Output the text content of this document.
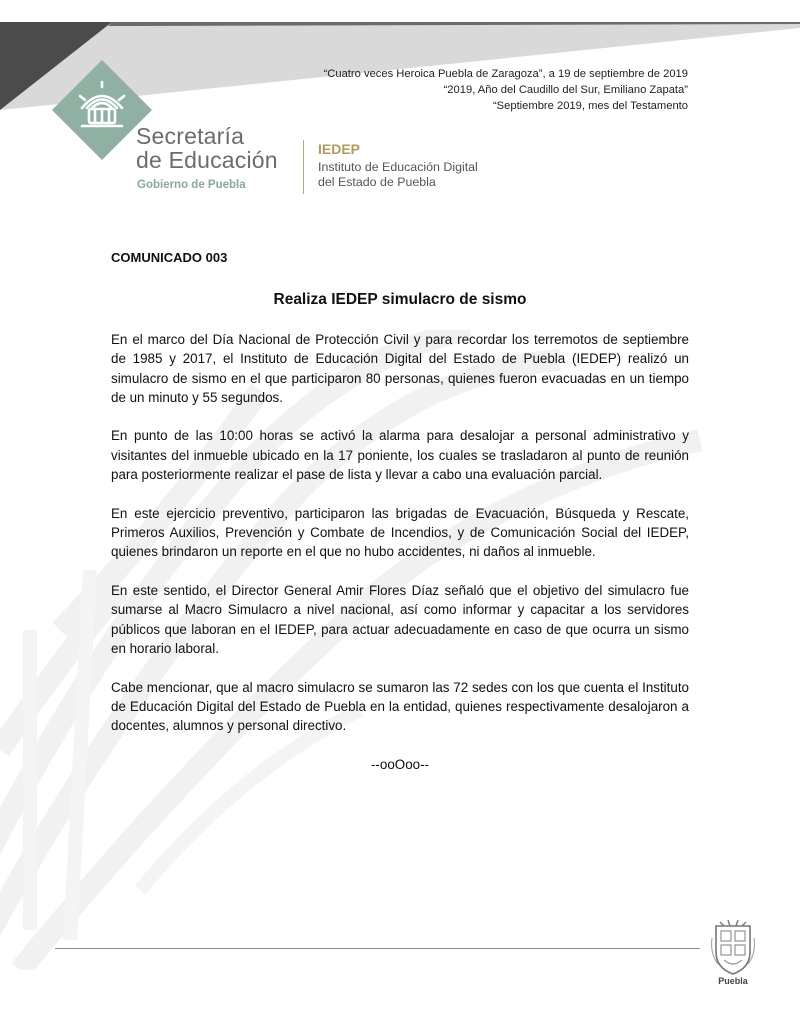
“Cuatro veces Heroica Puebla de Zaragoza”, a 19 de septiembre de 2019
“2019, Año del Caudillo del Sur, Emiliano Zapata”
“Septiembre 2019, mes del Testamento
Secretaría
de Educación
Gobierno de Puebla
IEDEP
Instituto de Educación Digital
del Estado de Puebla
COMUNICADO 003
Realiza IEDEP simulacro de sismo

En el marco del Día Nacional de Protección Civil y para recordar los terremotos de septiembre de 1985 y 2017, el Instituto de Educación Digital del Estado de Puebla (IEDEP) realizó un simulacro de sismo en el que participaron 80 personas, quienes fueron evacuadas en un tiempo de un minuto y 55 segundos.

En punto de las 10:00 horas se activó la alarma para desalojar a personal administrativo y visitantes del inmueble ubicado en la 17 poniente, los cuales se trasladaron al punto de reunión para posteriormente realizar el pase de lista y llevar a cabo una evaluación parcial.

En este ejercicio preventivo, participaron las brigadas de Evacuación, Búsqueda y Rescate, Primeros Auxilios, Prevención y Combate de Incendios, y de Comunicación Social del IEDEP, quienes brindaron un reporte en el que no hubo accidentes, ni daños al inmueble.

En este sentido, el Director General Amir Flores Díaz señaló que el objetivo del simulacro fue sumarse al Macro Simulacro a nivel nacional, así como informar y capacitar a los servidores públicos que laboran en el IEDEP, para actuar adecuadamente en caso de que ocurra un sismo en horario laboral.

Cabe mencionar, que al macro simulacro se sumaron las 72 sedes con los que cuenta el Instituto de Educación Digital del Estado de Puebla en la entidad, quienes respectivamente desalojaron a docentes, alumnos y personal directivo.

--ooOoo--
Puebla
